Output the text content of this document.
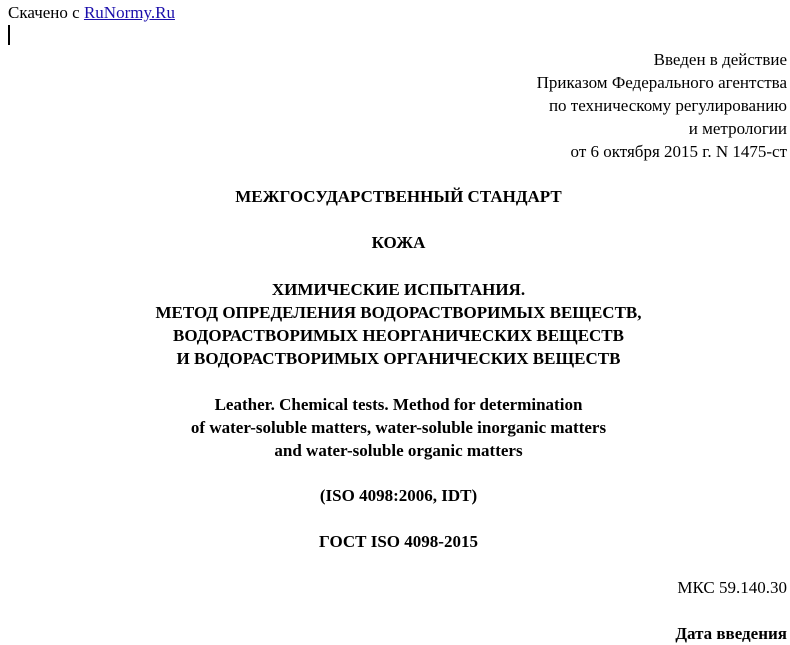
Скачено с RuNormy.Ru
Введен в действие
Приказом Федерального агентства
по техническому регулированию
и метрологии
от 6 октября 2015 г. N 1475-ст
МЕЖГОСУДАРСТВЕННЫЙ СТАНДАРТ
КОЖА
ХИМИЧЕСКИЕ ИСПЫТАНИЯ.
МЕТОД ОПРЕДЕЛЕНИЯ ВОДОРАСТВОРИМЫХ ВЕЩЕСТВ,
ВОДОРАСТВОРИМЫХ НЕОРГАНИЧЕСКИХ ВЕЩЕСТВ
И ВОДОРАСТВОРИМЫХ ОРГАНИЧЕСКИХ ВЕЩЕСТВ
Leather. Chemical tests. Method for determination
of water-soluble matters, water-soluble inorganic matters
and water-soluble organic matters
(ISO 4098:2006, IDT)
ГОСТ ISO 4098-2015
МКС 59.140.30
Дата введения
